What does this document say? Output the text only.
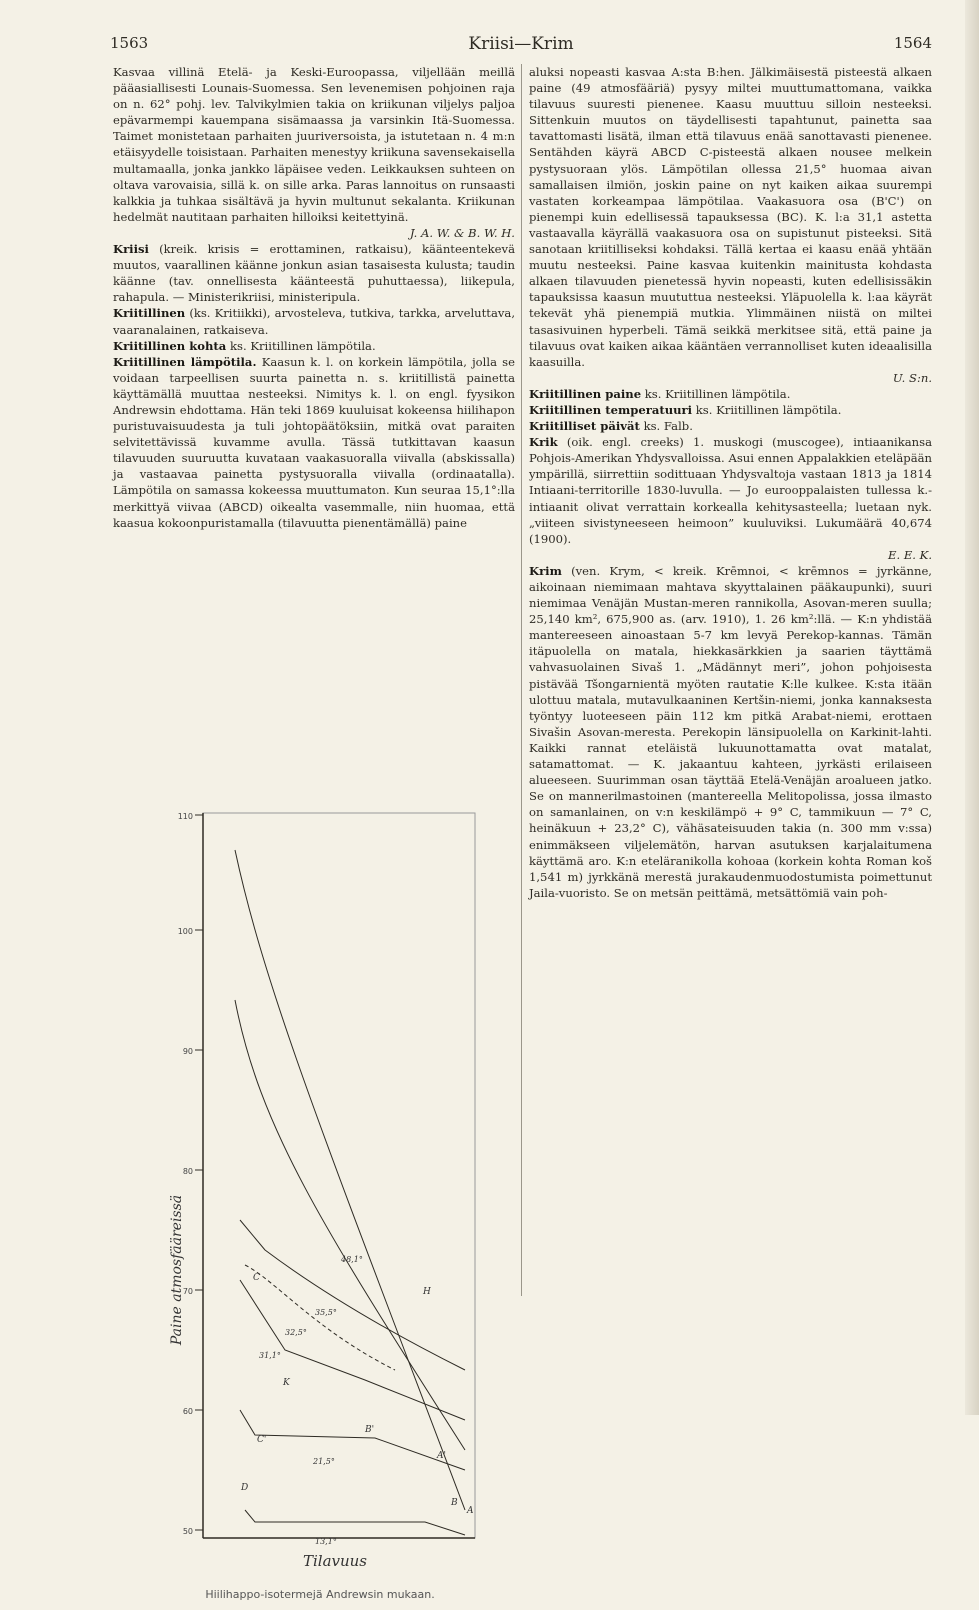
1563	Kriisi—Krim	1564

Kasvaa villinä Etelä- ja Keski-Euroopassa, viljellään meillä pääasiallisesti Lounais-Suomessa. Sen levenemisen pohjoinen raja on n. 62° pohj. lev. Talvikylmien takia on kriikunan viljelys paljoa epävarmempi kauempana sisämaassa ja varsinkin Itä-Suomessa. Taimet monistetaan parhaiten juuriversoista, ja istutetaan n. 4 m:n etäisyydelle toisistaan. Parhaiten menestyy kriikuna savensekaisella multamaalla, jonka jankko läpäisee veden. Leikkauksen suhteen on oltava varovaisia, sillä k. on sille arka. Paras lannoitus on runsaasti kalkkia ja tuhkaa sisältävä ja hyvin multunut sekalanta. Kriikunan hedelmät nautitaan parhaiten hilloiksi keitettyinä.

J. A. W. & B. W. H.

Kriisi (kreik. krisis = erottaminen, ratkaisu), käänteentekevä muutos, vaarallinen käänne jonkun asian tasaisesta kulusta; taudin käänne (tav. onnellisesta käänteestä puhuttaessa), liikepula, rahapula. — Ministerikriisi, ministeripula.

Kriitillinen (ks. Kritiikki), arvosteleva, tutkiva, tarkka, arveluttava, vaaranalainen, ratkaiseva.

Kriitillinen kohta ks. Kriitillinen lämpötila.

Kriitillinen lämpötila. Kaasun k. l. on korkein lämpötila, jolla se voidaan tarpeellisen suurta painetta n. s. kriitillistä painetta käyttämällä muuttaa nesteeksi. Nimitys k. l. on engl. fyysikon Andrewsin ehdottama. Hän teki 1869 kuuluisat kokeensa hiilihapon puristuvaisuudesta ja tuli johtopäätöksiin, mitkä ovat paraiten selvitettävissä kuvamme avulla. Tässä tutkittavan kaasun tilavuuden suuruutta kuvataan vaakasuoralla viivalla (abskissalla) ja vastaavaa painetta pystysuoralla viivalla (ordinaatalla). Lämpötila on samassa kokeessa muuttumaton. Kun seuraa 15,1°:lla merkittyä viivaa (ABCD) oikealta vasemmalle, niin huomaa, että kaasua kokoonpuristamalla (tilavuutta pienentämällä) paine

110
100
90
80
70
60
50
Paine atmosfääreissä	48,1°
35,5°
32,5°
31,1°
21,5°
13,1°
A
B
B'
A'
C
C'
D
K
H
Tilavuus
Hiilihappo-isotermejä Andrewsin mukaan.

aluksi nopeasti kasvaa A:sta B:hen. Jälkimäisestä pisteestä alkaen paine (49 atmosfääriä) pysyy miltei muuttumattomana, vaikka tilavuus suuresti pienenee. Kaasu muuttuu silloin nesteeksi. Sittenkuin muutos on täydellisesti tapahtunut, painetta saa tavattomasti lisätä, ilman että tilavuus enää sanottavasti pienenee. Sentähden käyrä ABCD C-pisteestä alkaen nousee melkein pystysuoraan ylös. Lämpötilan ollessa 21,5° huomaa aivan samallaisen ilmiön, joskin paine on nyt kaiken aikaa suurempi vastaten korkeampaa lämpötilaa. Vaakasuora osa (B'C') on pienempi kuin edellisessä tapauksessa (BC). K. l:a 31,1 astetta vastaavalla käyrällä vaakasuora osa on supistunut pisteeksi. Sitä sanotaan kriitilliseksi kohdaksi. Tällä kertaa ei kaasu enää yhtään muutu nesteeksi. Paine kasvaa kuitenkin mainitusta kohdasta alkaen tilavuuden pienetessä hyvin nopeasti, kuten edellisissäkin tapauksissa kaasun muututtua nesteeksi. Yläpuolella k. l:aa käyrät tekevät yhä pienempiä mutkia. Ylimmäinen niistä on miltei tasasivuinen hyperbeli. Tämä seikkä merkitsee sitä, että paine ja tilavuus ovat kaiken aikaa kääntäen verrannolliset kuten ideaalisilla kaasuilla.

U. S:n.

Kriitillinen paine ks. Kriitillinen lämpötila.

Kriitillinen temperatuuri ks. Kriitillinen lämpötila.

Kriitilliset päivät ks. Falb.

Krik (oik. engl. creeks) 1. muskogi (muscogee), intiaanikansa Pohjois-Amerikan Yhdysvalloissa. Asui ennen Appalakkien eteläpään ympärillä, siirrettiin sodittuaan Yhdysvaltoja vastaan 1813 ja 1814 Intiaani-territorille 1830-luvulla. — Jo eurooppalaisten tullessa k.-intiaanit olivat verrattain korkealla kehitysasteella; luetaan nyk. „viiteen sivistyneeseen heimoon” kuuluviksi. Lukumäärä 40,674 (1900).

E. E. K.

Krim (ven. Krym, < kreik. Krēmnoi, < krēmnos = jyrkänne, aikoinaan niemimaan mahtava skyyttalainen pääkaupunki), suuri niemimaa Venäjän Mustan-meren rannikolla, Asovan-meren suulla; 25,140 km², 675,900 as. (arv. 1910), 1. 26 km²:llä. — K:n yhdistää mantereeseen ainoastaan 5-7 km levyä Perekop-kannas. Tämän itäpuolella on matala, hiekkasärkkien ja saarien täyttämä vahvasuolainen Sivaš 1. „Mädännyt meri”, johon pohjoisesta pistävää Tšongarnientä myöten rautatie K:lle kulkee. K:sta itään ulottuu matala, mutavulkaaninen Kertšin-niemi, jonka kannaksesta työntyy luoteeseen päin 112 km pitkä Arabat-niemi, erottaen Sivašin Asovan-meresta. Perekopin länsipuolella on Karkinit-lahti. Kaikki rannat eteläistä lukuunottamatta ovat matalat, satamattomat. — K. jakaantuu kahteen, jyrkästi erilaiseen alueeseen. Suurimman osan täyttää Etelä-Venäjän aroalueen jatko. Se on mannerilmastoinen (mantereella Melitopolissa, jossa ilmasto on samanlainen, on v:n keskilämpö + 9° C, tammikuun — 7° C, heinäkuun + 23,2° C), vähäsateisuuden takia (n. 300 mm v:ssa) enimmäkseen viljelemätön, harvan asutuksen karjalaitumena käyttämä aro. K:n eteläranikolla kohoaa (korkein kohta Roman koš 1,541 m) jyrkkänä merestä jurakaudenmuodostumista poimettunut Jaila-vuoristo. Se on metsän peittämä, metsättömiä vain poh-
